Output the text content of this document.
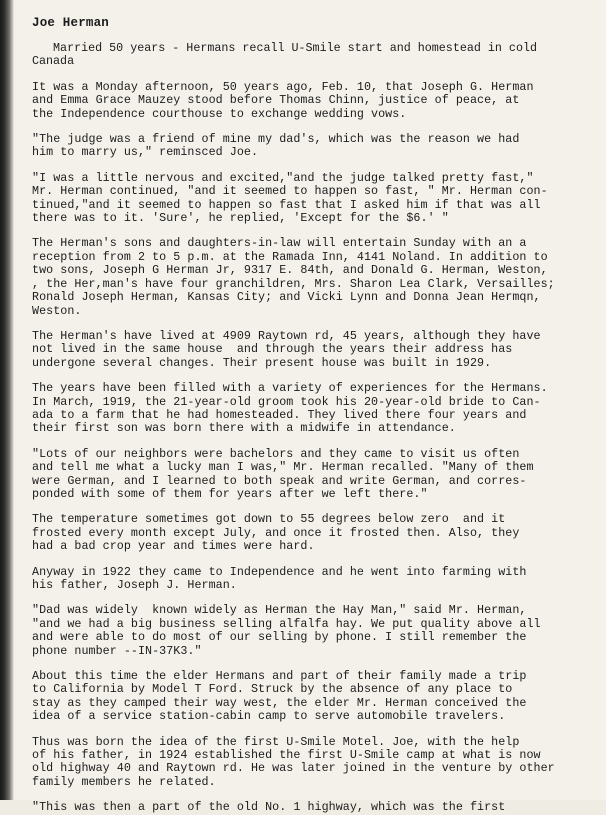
Joe Herman
Married 50 years - Hermans recall U-Smile start and homestead in cold
Canada
It was a Monday afternoon, 50 years ago, Feb. 10, that Joseph G. Herman
and Emma Grace Mauzey stood before Thomas Chinn, justice of peace, at
the Independence courthouse to exchange wedding vows.
"The judge was a friend of mine my dad's, which was the reason we had
him to marry us," reminsced Joe.
"I was a little nervous and excited,"and the judge talked pretty fast,"
Mr. Herman continued, "and it seemed to happen so fast, " Mr. Herman con-
tinued,"and it seemed to happen so fast that I asked him if that was all
there was to it. 'Sure', he replied, 'Except for the $6.' "
The Herman's sons and daughters-in-law will entertain Sunday with an a
reception from 2 to 5 p.m. at the Ramada Inn, 4141 Noland. In addition to
two sons, Joseph G Herman Jr, 9317 E. 84th, and Donald G. Herman, Weston,
, the Her,man's have four granchildren, Mrs. Sharon Lea Clark, Versailles;
Ronald Joseph Herman, Kansas City; and Vicki Lynn and Donna Jean Hermqn,
Weston.
The Herman's have lived at 4909 Raytown rd, 45 years, although they have
not lived in the same house  and through the years their address has
undergone several changes. Their present house was built in 1929.
The years have been filled with a variety of experiences for the Hermans.
In March, 1919, the 21-year-old groom took his 20-year-old bride to Can-
ada to a farm that he had homesteaded. They lived there four years and
their first son was born there with a midwife in attendance.
"Lots of our neighbors were bachelors and they came to visit us often
and tell me what a lucky man I was," Mr. Herman recalled. "Many of them
were German, and I learned to both speak and write German, and corres-
ponded with some of them for years after we left there."
The temperature sometimes got down to 55 degrees below zero  and it
frosted every month except July, and once it frosted then. Also, they
had a bad crop year and times were hard.
Anyway in 1922 they came to Independence and he went into farming with
his father, Joseph J. Herman.
"Dad was widely  known widely as Herman the Hay Man," said Mr. Herman,
"and we had a big business selling alfalfa hay. We put quality above all
and were able to do most of our selling by phone. I still remember the
phone number --IN-37K3."
About this time the elder Hermans and part of their family made a trip
to California by Model T Ford. Struck by the absence of any place to
stay as they camped their way west, the elder Mr. Herman conceived the
idea of a service station-cabin camp to serve automobile travelers.
Thus was born the idea of the first U-Smile Motel. Joe, with the help
of his father, in 1924 established the first U-Smile camp at what is now
old highway 40 and Raytown rd. He was later joined in the venture by other
family members he related.
"This was then a part of the old No. 1 highway, which was the first
